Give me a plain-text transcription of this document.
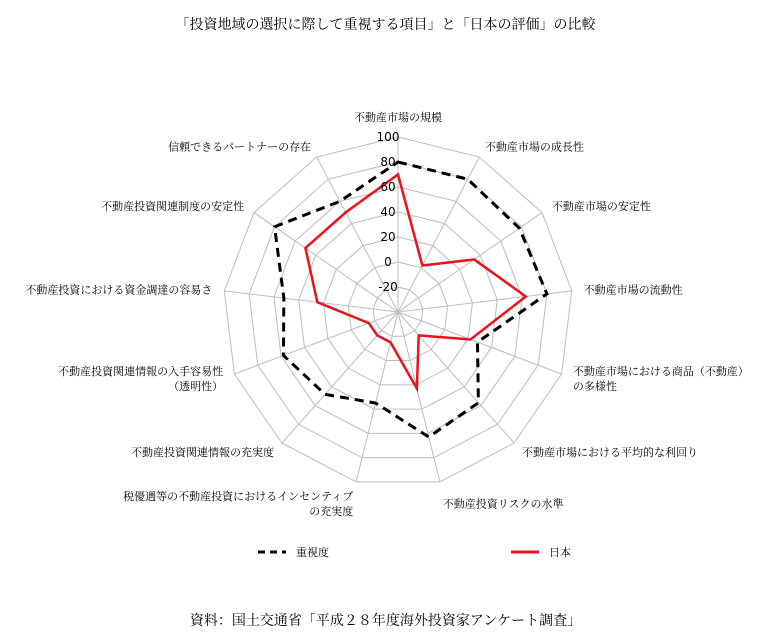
「投資地域の選択に際して重視する項目」と「日本の評価」の比較
100
80
60
40
20
0
-20
不動産市場の規模
不動産市場の成長性
不動産市場の安定性
不動産市場の流動性
不動産市場における商品（不動産）
の多様性
不動産市場における平均的な利回り
不動産投資リスクの水準
税優遇等の不動産投資におけるインセンティブ
の充実度
不動産投資関連情報の充実度
不動産投資関連情報の入手容易性
（透明性）
不動産投資における資金調達の容易さ
不動産投資関連制度の安定性
信頼できるパートナーの存在
重視度	日本
資料：国土交通省「平成２８年度海外投資家アンケート調査」
